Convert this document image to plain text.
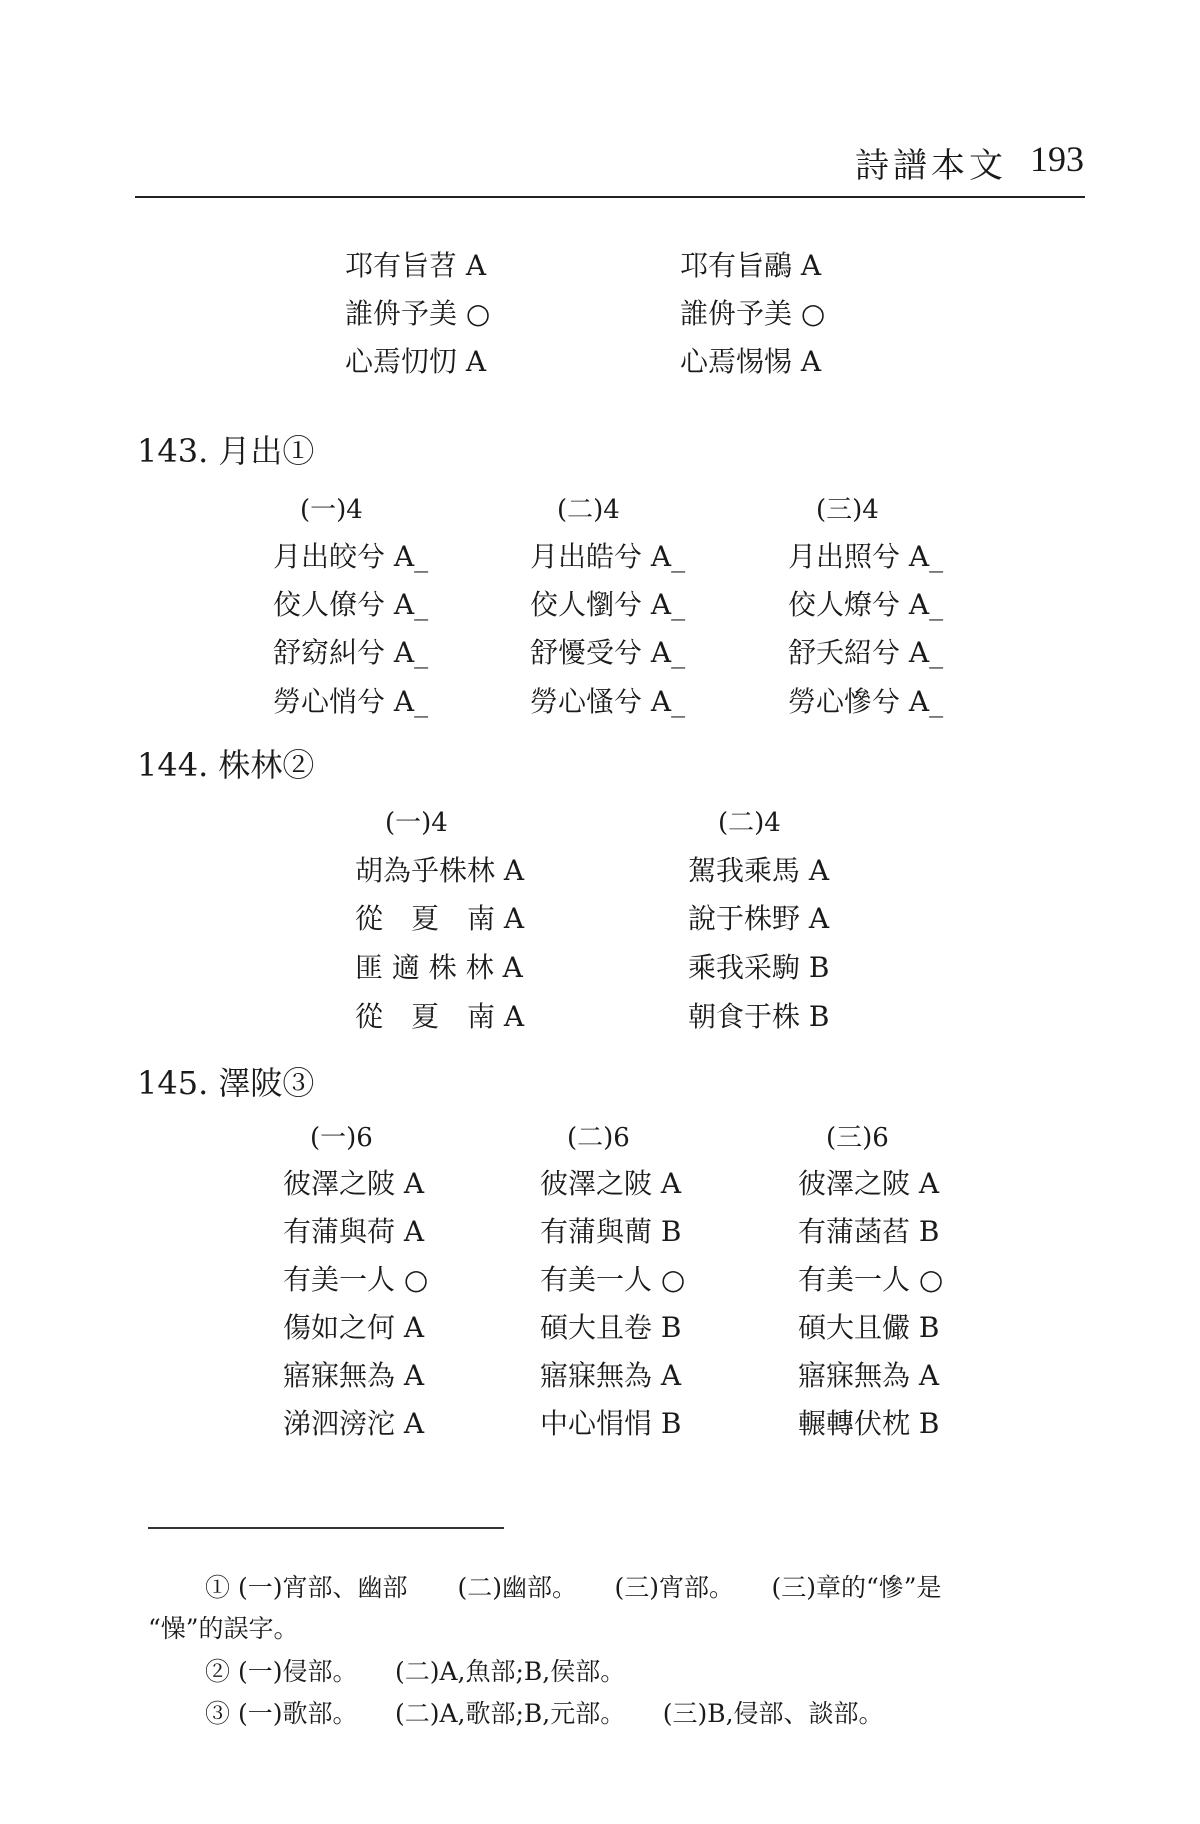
詩譜本文 193
邛有旨苕 A
誰侜予美 ○
心焉忉忉 A
邛有旨鷊 A
誰侜予美 ○
心焉惕惕 A
143. 月出①
(一)4
月出皎兮 A_
佼人僚兮 A_
舒窈糾兮 A_
勞心悄兮 A_
(二)4
月出皓兮 A_
佼人懰兮 A_
舒懮受兮 A_
勞心慅兮 A_
(三)4
月出照兮 A_
佼人燎兮 A_
舒夭紹兮 A_
勞心慘兮 A_
144. 株林②
(一)4
胡為乎株林 A
從　夏　南 A
匪 適 株 林 A
從　夏　南 A
(二)4
駕我乘馬 A
說于株野 A
乘我采駒 B
朝食于株 B
145. 澤陂③
(一)6
彼澤之陂 A
有蒲與荷 A
有美一人 ○
傷如之何 A
寤寐無為 A
涕泗滂沱 A
(二)6
彼澤之陂 A
有蒲與蕳 B
有美一人 ○
碩大且卷 B
寤寐無為 A
中心悁悁 B
(三)6
彼澤之陂 A
有蒲菡萏 B
有美一人 ○
碩大且儼 B
寤寐無為 A
輾轉伏枕 B
① (一)宵部、幽部　　(二)幽部。　　(三)宵部。　　(三)章的“慘”是
“懆”的誤字。
② (一)侵部。　　(二)A,魚部;B,侯部。
③ (一)歌部。　　(二)A,歌部;B,元部。　　(三)B,侵部、談部。
